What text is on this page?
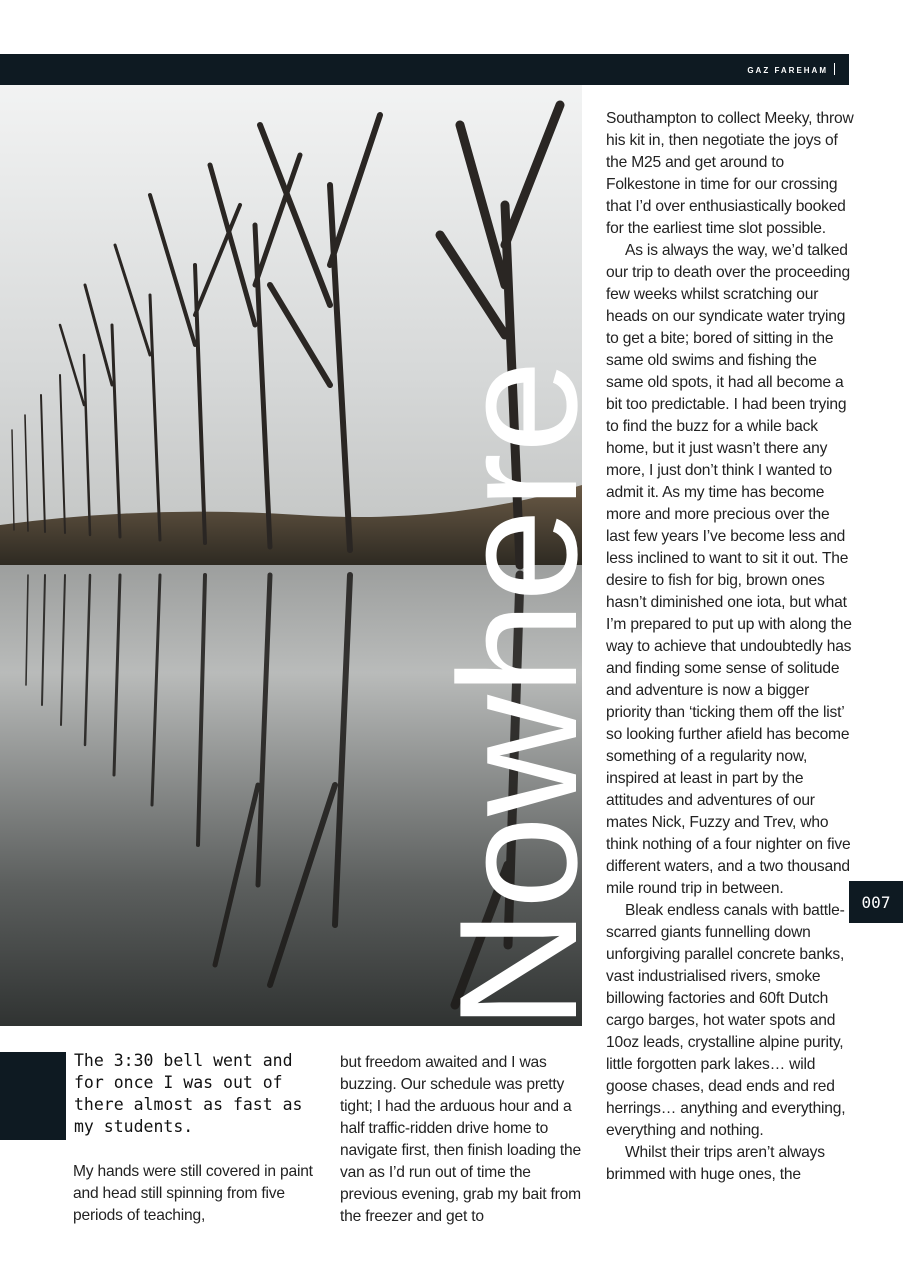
GAZ FAREHAM
Nowhere

Southampton to collect Meeky, throw his kit in, then negotiate the joys of the M25 and get around to Folkestone in time for our crossing that I’d over enthusiastically booked for the earliest time slot possible.

As is always the way, we’d talked our trip to death over the proceeding few weeks whilst scratching our heads on our syndicate water trying to get a bite; bored of sitting in the same old swims and fishing the same old spots, it had all become a bit too predictable. I had been trying to find the buzz for a while back home, but it just wasn’t there any more, I just don’t think I wanted to admit it. As my time has become more and more precious over the last few years I’ve become less and less inclined to want to sit it out. The desire to fish for big, brown ones hasn’t diminished one iota, but what I’m prepared to put up with along the way to achieve that undoubtedly has and finding some sense of solitude and adventure is now a bigger priority than ‘ticking them off the list’ so looking further afield has become something of a regularity now, inspired at least in part by the attitudes and adventures of our mates Nick, Fuzzy and Trev, who think nothing of a four nighter on five different waters, and a two thousand mile round trip in between.

Bleak endless canals with battle-scarred giants funnelling down unforgiving parallel concrete banks, vast industrialised rivers, smoke billowing factories and 60ft Dutch cargo barges, hot water spots and 10oz leads, crystalline alpine purity, little forgotten park lakes… wild goose chases, dead ends and red herrings… anything and everything, everything and nothing.

Whilst their trips aren’t always brimmed with huge ones, the

007
The 3:30 bell went and for once I was out of there almost as fast as my students.

My hands were still covered in paint and head still spinning from five periods of teaching,

but freedom awaited and I was buzzing. Our schedule was pretty tight; I had the arduous hour and a half traffic-ridden drive home to navigate first, then finish loading the van as I’d run out of time the previous evening, grab my bait from the freezer and get to
